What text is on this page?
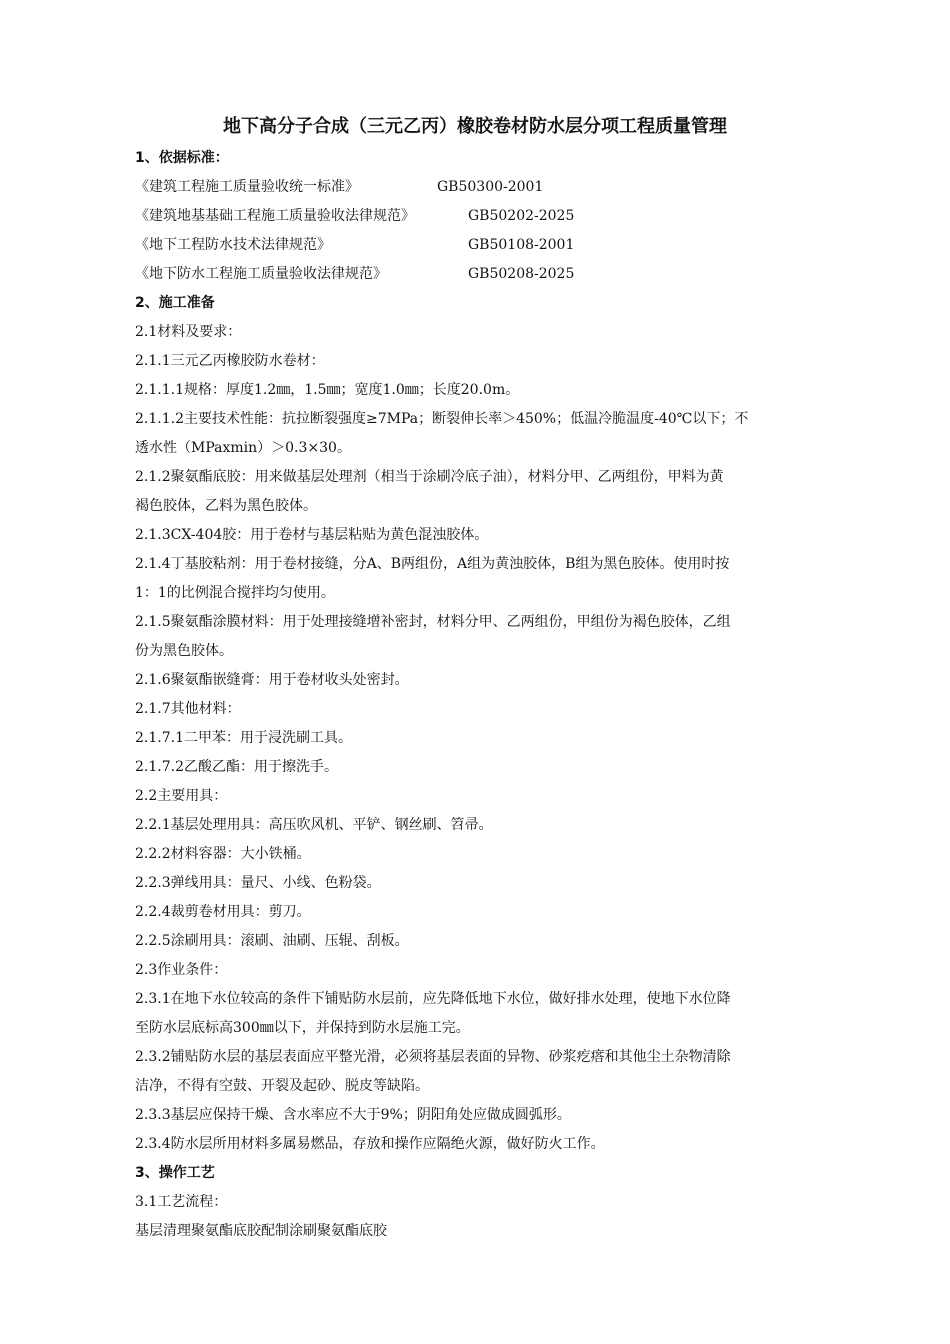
地下高分子合成（三元乙丙）橡胶卷材防水层分项工程质量管理
1、依据标准：
《建筑工程施工质量验收统一标准》	GB50300-2001
《建筑地基基础工程施工质量验收法律规范》	GB50202-2025
《地下工程防水技术法律规范》	GB50108-2001
《地下防水工程施工质量验收法律规范》	GB50208-2025
2、施工准备
2.1材料及要求：
2.1.1三元乙丙橡胶防水卷材：
2.1.1.1规格：厚度1.2㎜，1.5㎜；宽度1.0㎜；长度20.0m。
2.1.1.2主要技术性能：抗拉断裂强度≥7MPa；断裂伸长率＞450%；低温冷脆温度-40℃以下；不
透水性（MPaxmin）＞0.3×30。
2.1.2聚氨酯底胶：用来做基层处理剂（相当于涂刷冷底子油），材料分甲、乙两组份，甲料为黄
褐色胶体，乙料为黑色胶体。
2.1.3CX-404胶：用于卷材与基层粘贴为黄色混浊胶体。
2.1.4丁基胶粘剂：用于卷材接缝，分A、B两组份，A组为黄浊胶体，B组为黑色胶体。使用时按
1：1的比例混合搅拌均匀使用。
2.1.5聚氨酯涂膜材料：用于处理接缝增补密封，材料分甲、乙两组份，甲组份为褐色胶体，乙组
份为黑色胶体。
2.1.6聚氨酯嵌缝膏：用于卷材收头处密封。
2.1.7其他材料：
2.1.7.1二甲苯：用于浸洗刷工具。
2.1.7.2乙酸乙酯：用于擦洗手。
2.2主要用具：
2.2.1基层处理用具：高压吹风机、平铲、钢丝刷、笤帚。
2.2.2材料容器：大小铁桶。
2.2.3弹线用具：量尺、小线、色粉袋。
2.2.4裁剪卷材用具：剪刀。
2.2.5涂刷用具：滚刷、油刷、压辊、刮板。
2.3作业条件：
2.3.1在地下水位较高的条件下铺贴防水层前，应先降低地下水位，做好排水处理，使地下水位降
至防水层底标高300㎜以下，并保持到防水层施工完。
2.3.2铺贴防水层的基层表面应平整光滑，必须将基层表面的异物、砂浆疙瘩和其他尘土杂物清除
洁净，不得有空鼓、开裂及起砂、脱皮等缺陷。
2.3.3基层应保持干燥、含水率应不大于9%；阴阳角处应做成圆弧形。
2.3.4防水层所用材料多属易燃品，存放和操作应隔绝火源，做好防火工作。
3、操作工艺
3.1工艺流程：
基层清理聚氨酯底胶配制涂刷聚氨酯底胶
